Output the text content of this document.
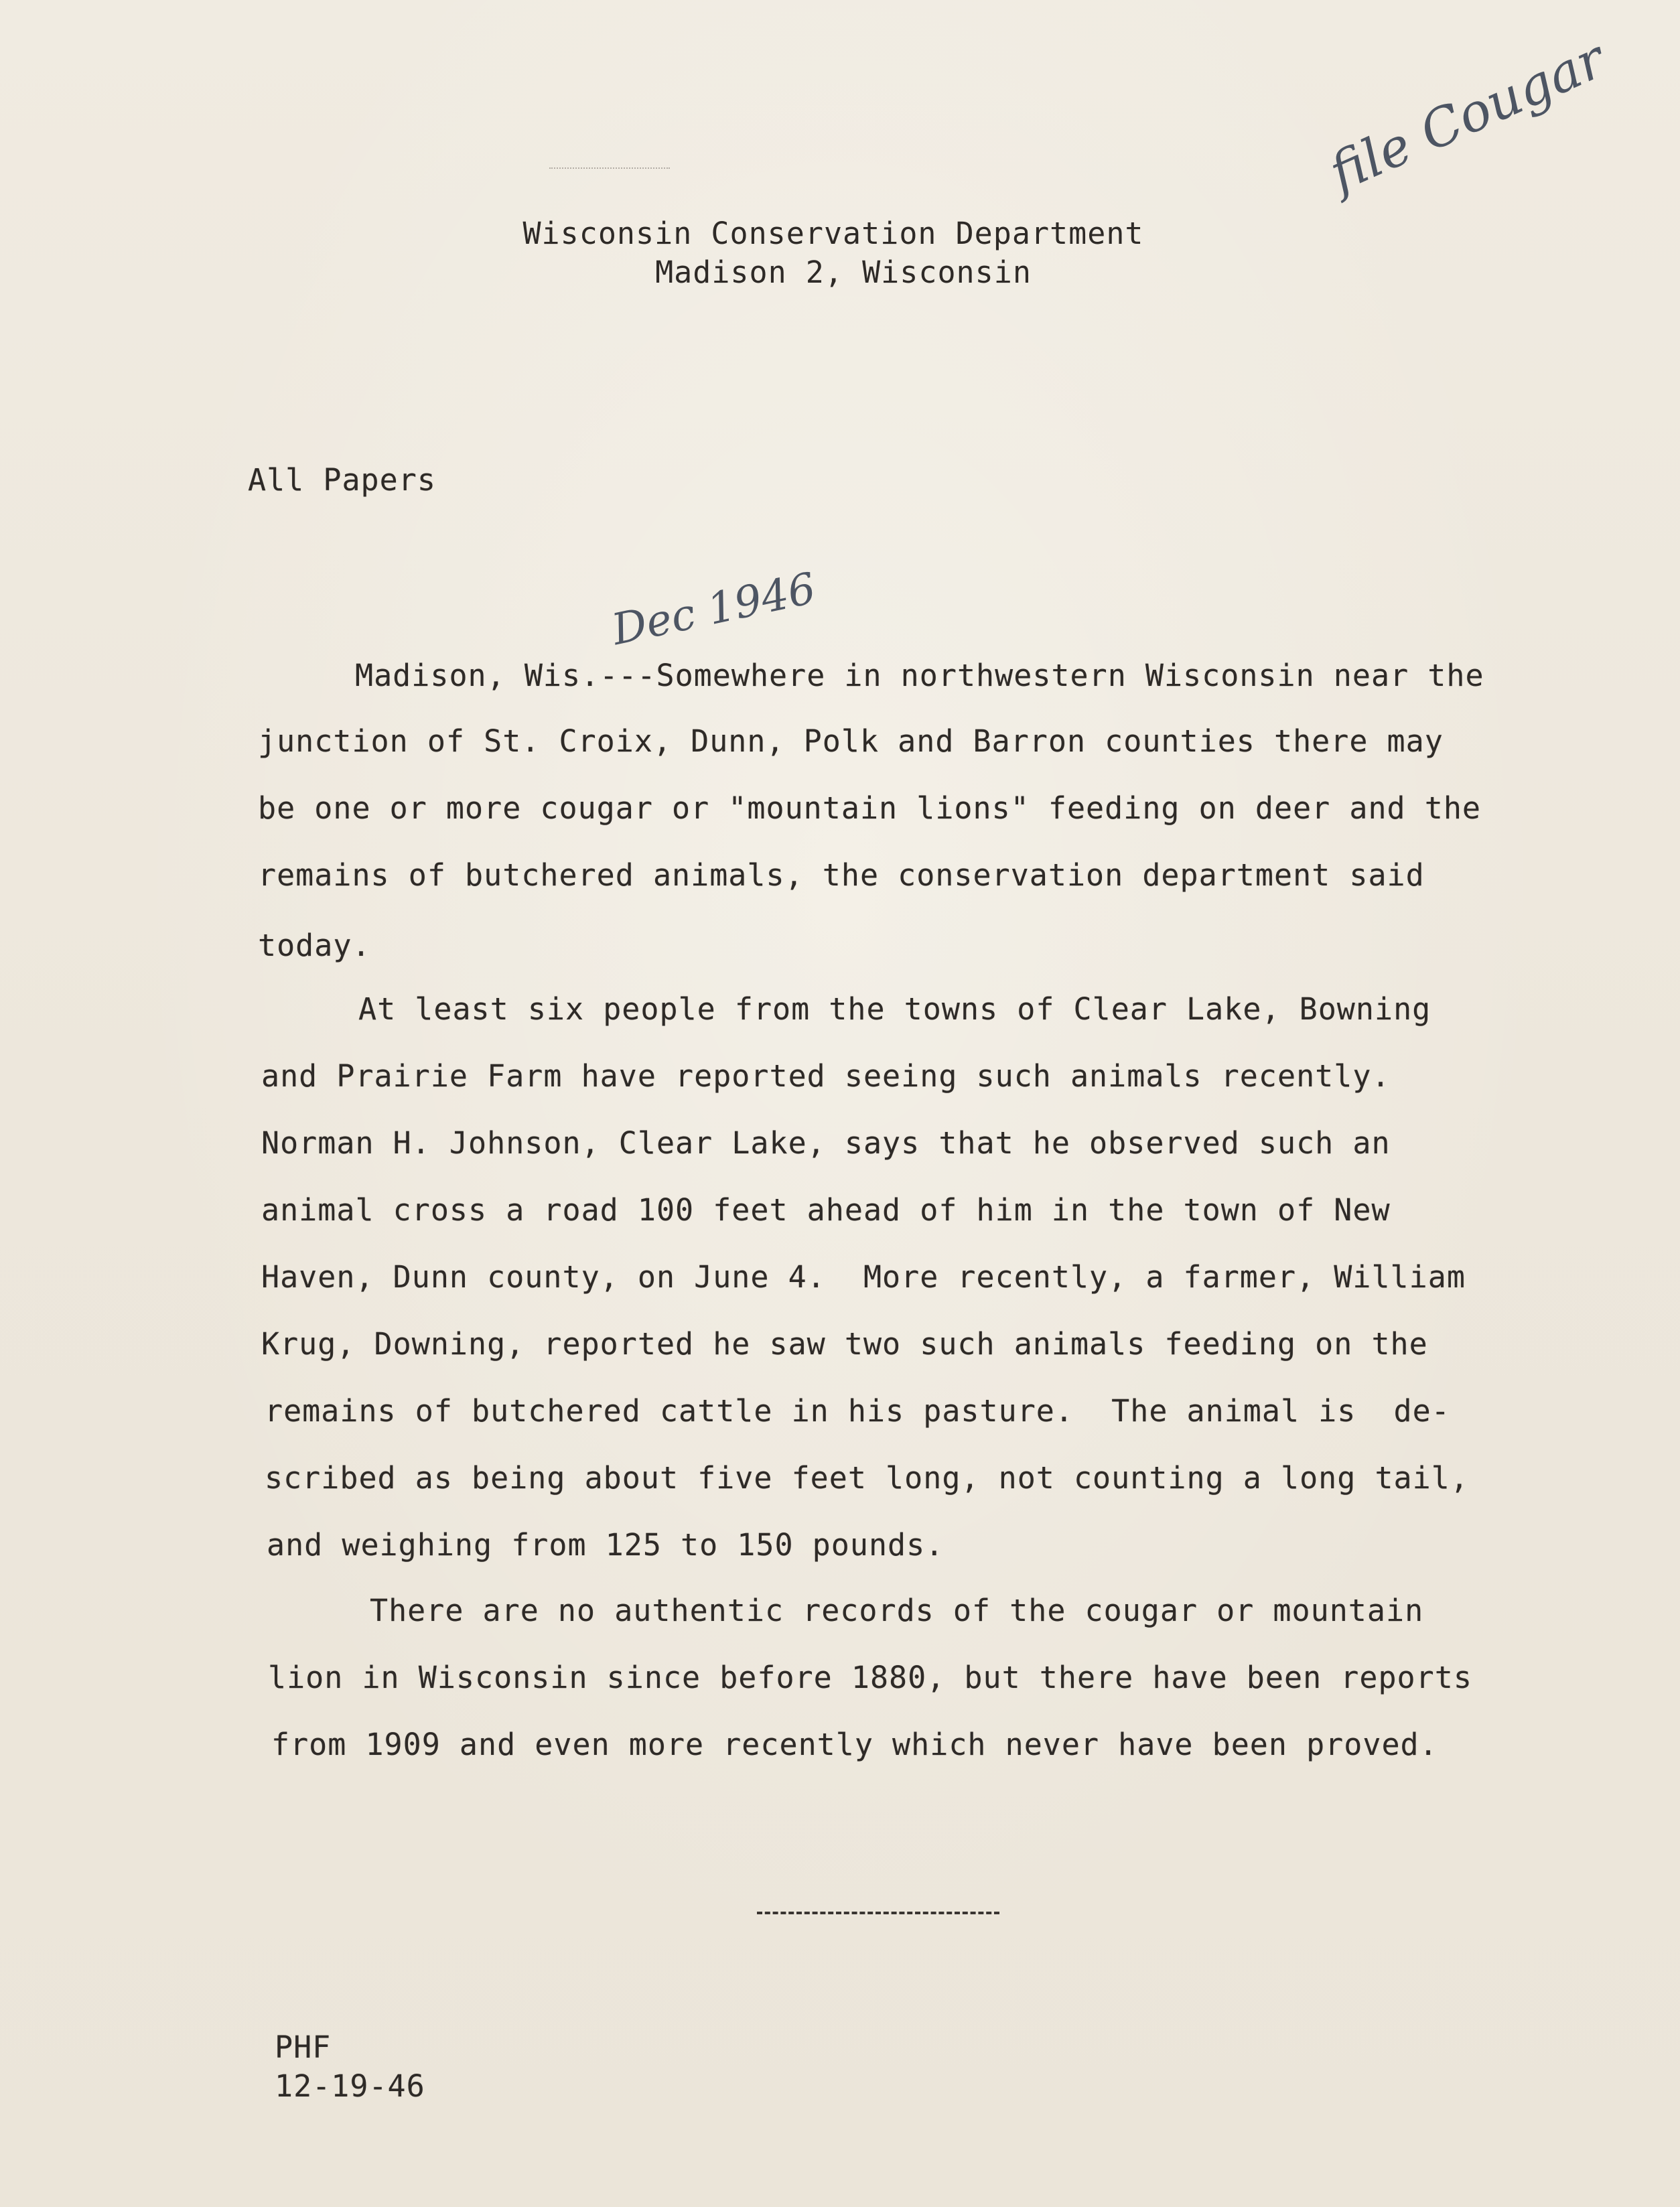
Wisconsin Conservation Department
Madison 2, Wisconsin
file Cougar
All Papers
Dec 1946
Madison, Wis.---Somewhere in northwestern Wisconsin near the
junction of St. Croix, Dunn, Polk and Barron counties there may
be one or more cougar or "mountain lions" feeding on deer and the
remains of butchered animals, the conservation department said
today.
At least six people from the towns of Clear Lake, Bowning
and Prairie Farm have reported seeing such animals recently.
Norman H. Johnson, Clear Lake, says that he observed such an
animal cross a road 100 feet ahead of him in the town of New
Haven, Dunn county, on June 4.  More recently, a farmer, William
Krug, Downing, reported he saw two such animals feeding on the
remains of butchered cattle in his pasture.  The animal is  de-
scribed as being about five feet long, not counting a long tail,
and weighing from 125 to 150 pounds.
There are no authentic records of the cougar or mountain
lion in Wisconsin since before 1880, but there have been reports
from 1909 and even more recently which never have been proved.
PHF
12-19-46
